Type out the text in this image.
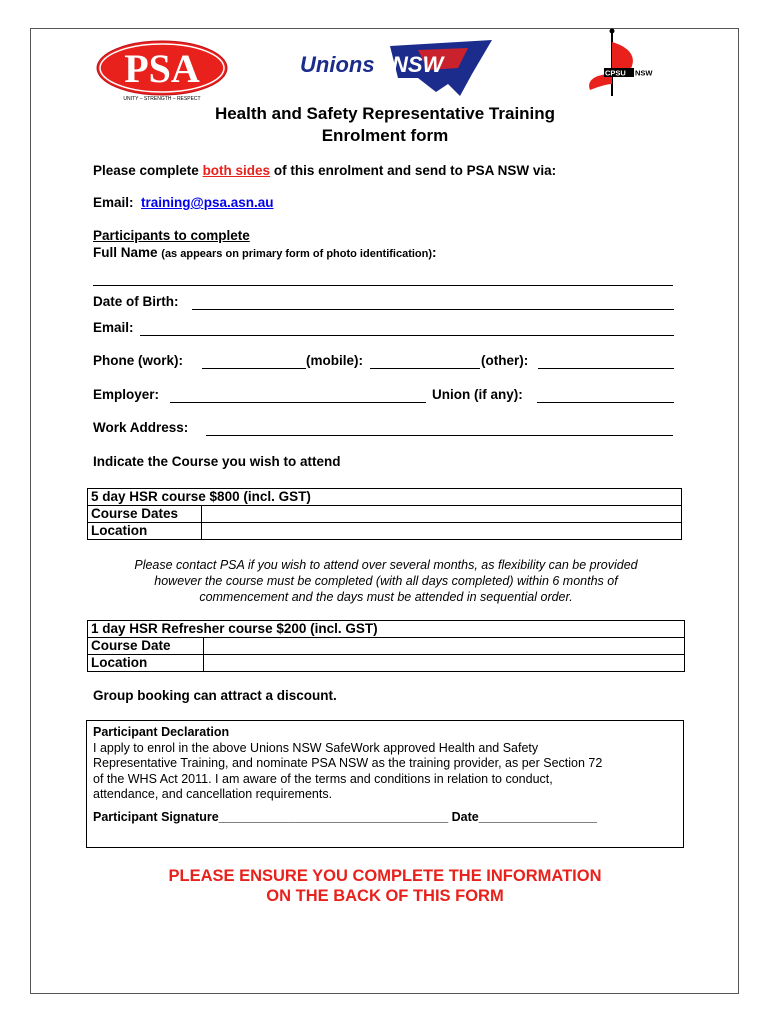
PSA
UNITY – STRENGTH – RESPECT
Unions NSW	CPSU NSW
Health and Safety Representative Training
Enrolment form
Please complete both sides of this enrolment and send to PSA NSW via:
Email: training@psa.asn.au
Participants to complete
Full Name (as appears on primary form of photo identification):
Date of Birth:
Email:
Phone (work):	(mobile):	(other):
Employer:	Union (if any):
Work Address:
Indicate the Course you wish to attend
5 day HSR course $800 (incl. GST)	
Course Dates	
Location	
Please contact PSA if you wish to attend over several months, as flexibility can be provided
however the course must be completed (with all days completed) within 6 months of
commencement and the days must be attended in sequential order.
1 day HSR Refresher course $200 (incl. GST)	
Course Date	
Location	
Group booking can attract a discount.
Participant Declaration
I apply to enrol in the above Unions NSW SafeWork approved Health and Safety
Representative Training, and nominate PSA NSW as the training provider, as per Section 72
of the WHS Act 2011. I am aware of the terms and conditions in relation to conduct,
attendance, and cancellation requirements.
Participant Signature_________________________________ Date_________________
PLEASE ENSURE YOU COMPLETE THE INFORMATION
ON THE BACK OF THIS FORM
